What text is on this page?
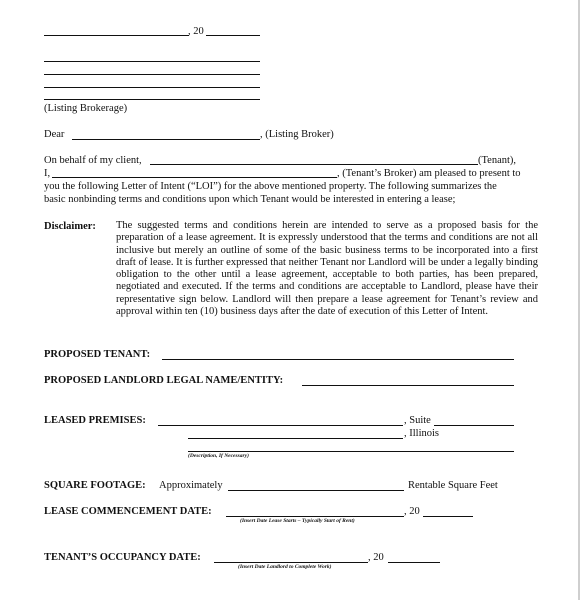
, 20
(Listing Brokerage)
Dear	, (Listing Broker)
On behalf of my client,	(Tenant),
I,	, (Tenant’s Broker) am pleased to present to
you the following Letter of Intent (“LOI”) for the above mentioned property. The following summarizes the
basic nonbinding terms and conditions upon which Tenant would be interested in entering a lease;
Disclaimer: The suggested terms and conditions herein are intended to serve as a proposed basis for the preparation of a lease agreement. It is expressly understood that the terms and conditions are not all inclusive but merely an outline of some of the basic business terms to be incorporated into a first draft of lease. It is further expressed that neither Tenant nor Landlord will be under a legally binding obligation to the other until a lease agreement, acceptable to both parties, has been prepared, negotiated and executed. If the terms and conditions are acceptable to Landlord, please have their representative sign below. Landlord will then prepare a lease agreement for Tenant’s review and approval within ten (10) business days after the date of execution of this Letter of Intent.
PROPOSED TENANT:
PROPOSED LANDLORD LEGAL NAME/ENTITY:
LEASED PREMISES:	, Suite
, Illinois
(Description, If Necessary)
SQUARE FOOTAGE: Approximately	Rentable Square Feet
LEASE COMMENCEMENT DATE:	, 20
(Insert Date Lease Starts – Typically Start of Rent)
TENANT’S OCCUPANCY DATE:	, 20
(Insert Date Landlord to Complete Work)
